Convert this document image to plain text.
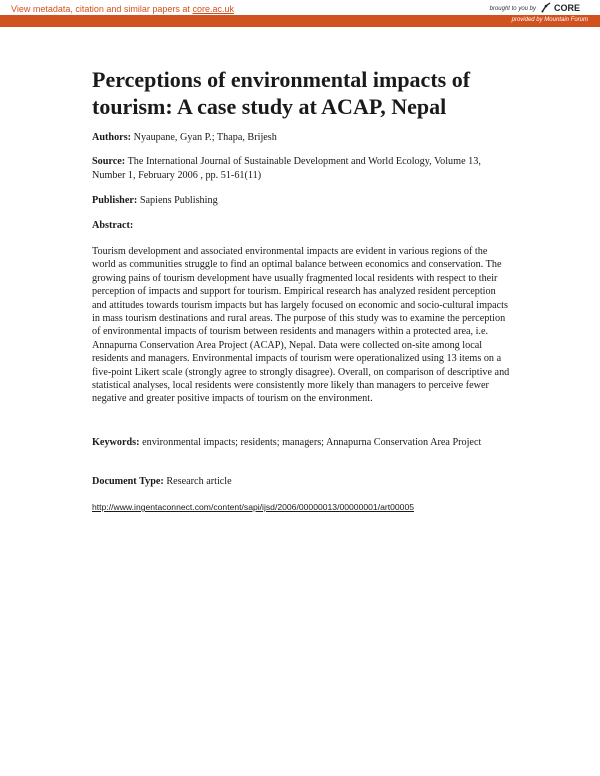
View metadata, citation and similar papers at core.ac.uk	brought to you by CORE
provided by Mountain Forum
Perceptions of environmental impacts of tourism: A case study at ACAP, Nepal

Authors: Nyaupane, Gyan P.; Thapa, Brijesh

Source: The International Journal of Sustainable Development and World Ecology, Volume 13, Number 1, February 2006 , pp. 51-61(11)

Publisher: Sapiens Publishing

Abstract:

Tourism development and associated environmental impacts are evident in various regions of the world as communities struggle to find an optimal balance between economics and conservation. The growing pains of tourism development have usually fragmented local residents with respect to their perception of impacts and support for tourism. Empirical research has analyzed resident perception and attitudes towards tourism impacts but has largely focused on economic and socio-cultural impacts in mass tourism destinations and rural areas. The purpose of this study was to examine the perception of environmental impacts of tourism between residents and managers within a protected area, i.e. Annapurna Conservation Area Project (ACAP), Nepal. Data were collected on-site among local residents and managers. Environmental impacts of tourism were operationalized using 13 items on a five-point Likert scale (strongly agree to strongly disagree). Overall, on comparison of descriptive and statistical analyses, local residents were consistently more likely than managers to perceive fewer negative and greater positive impacts of tourism on the environment.

Keywords: environmental impacts; residents; managers; Annapurna Conservation Area Project

Document Type: Research article

http://www.ingentaconnect.com/content/sapi/ijsd/2006/00000013/00000001/art00005
